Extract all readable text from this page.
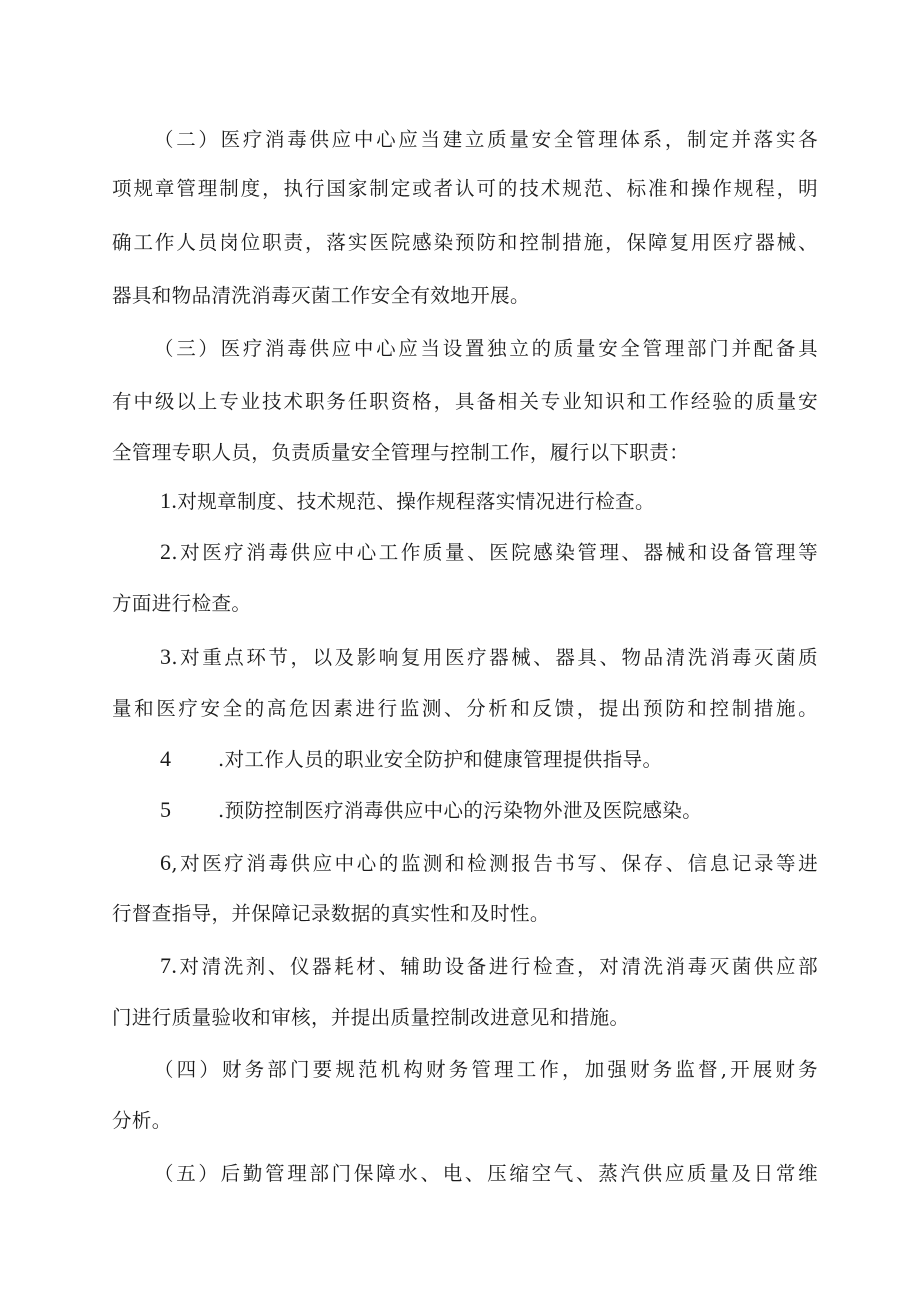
（二）医疗消毒供应中心应当建立质量安全管理体系，制定并落实各
项规章管理制度，执行国家制定或者认可的技术规范、标准和操作规程，明
确工作人员岗位职责，落实医院感染预防和控制措施，保障复用医疗器械、
器具和物品清洗消毒灭菌工作安全有效地开展。
（三）医疗消毒供应中心应当设置独立的质量安全管理部门并配备具
有中级以上专业技术职务任职资格，具备相关专业知识和工作经验的质量安
全管理专职人员，负责质量安全管理与控制工作，履行以下职责：
1.对规章制度、技术规范、操作规程落实情况进行检查。
2.对医疗消毒供应中心工作质量、医院感染管理、器械和设备管理等
方面进行检查。
3.对重点环节，以及影响复用医疗器械、器具、物品清洗消毒灭菌质
量和医疗安全的高危因素进行监测、分析和反馈，提出预防和控制措施。
4 .对工作人员的职业安全防护和健康管理提供指导。
5 .预防控制医疗消毒供应中心的污染物外泄及医院感染。
6,对医疗消毒供应中心的监测和检测报告书写、保存、信息记录等进
行督查指导，并保障记录数据的真实性和及时性。
7.对清洗剂、仪器耗材、辅助设备进行检查，对清洗消毒灭菌供应部
门进行质量验收和审核，并提出质量控制改进意见和措施。
（四）财务部门要规范机构财务管理工作，加强财务监督,开展财务
分析。
（五）后勤管理部门保障水、电、压缩空气、蒸汽供应质量及日常维
